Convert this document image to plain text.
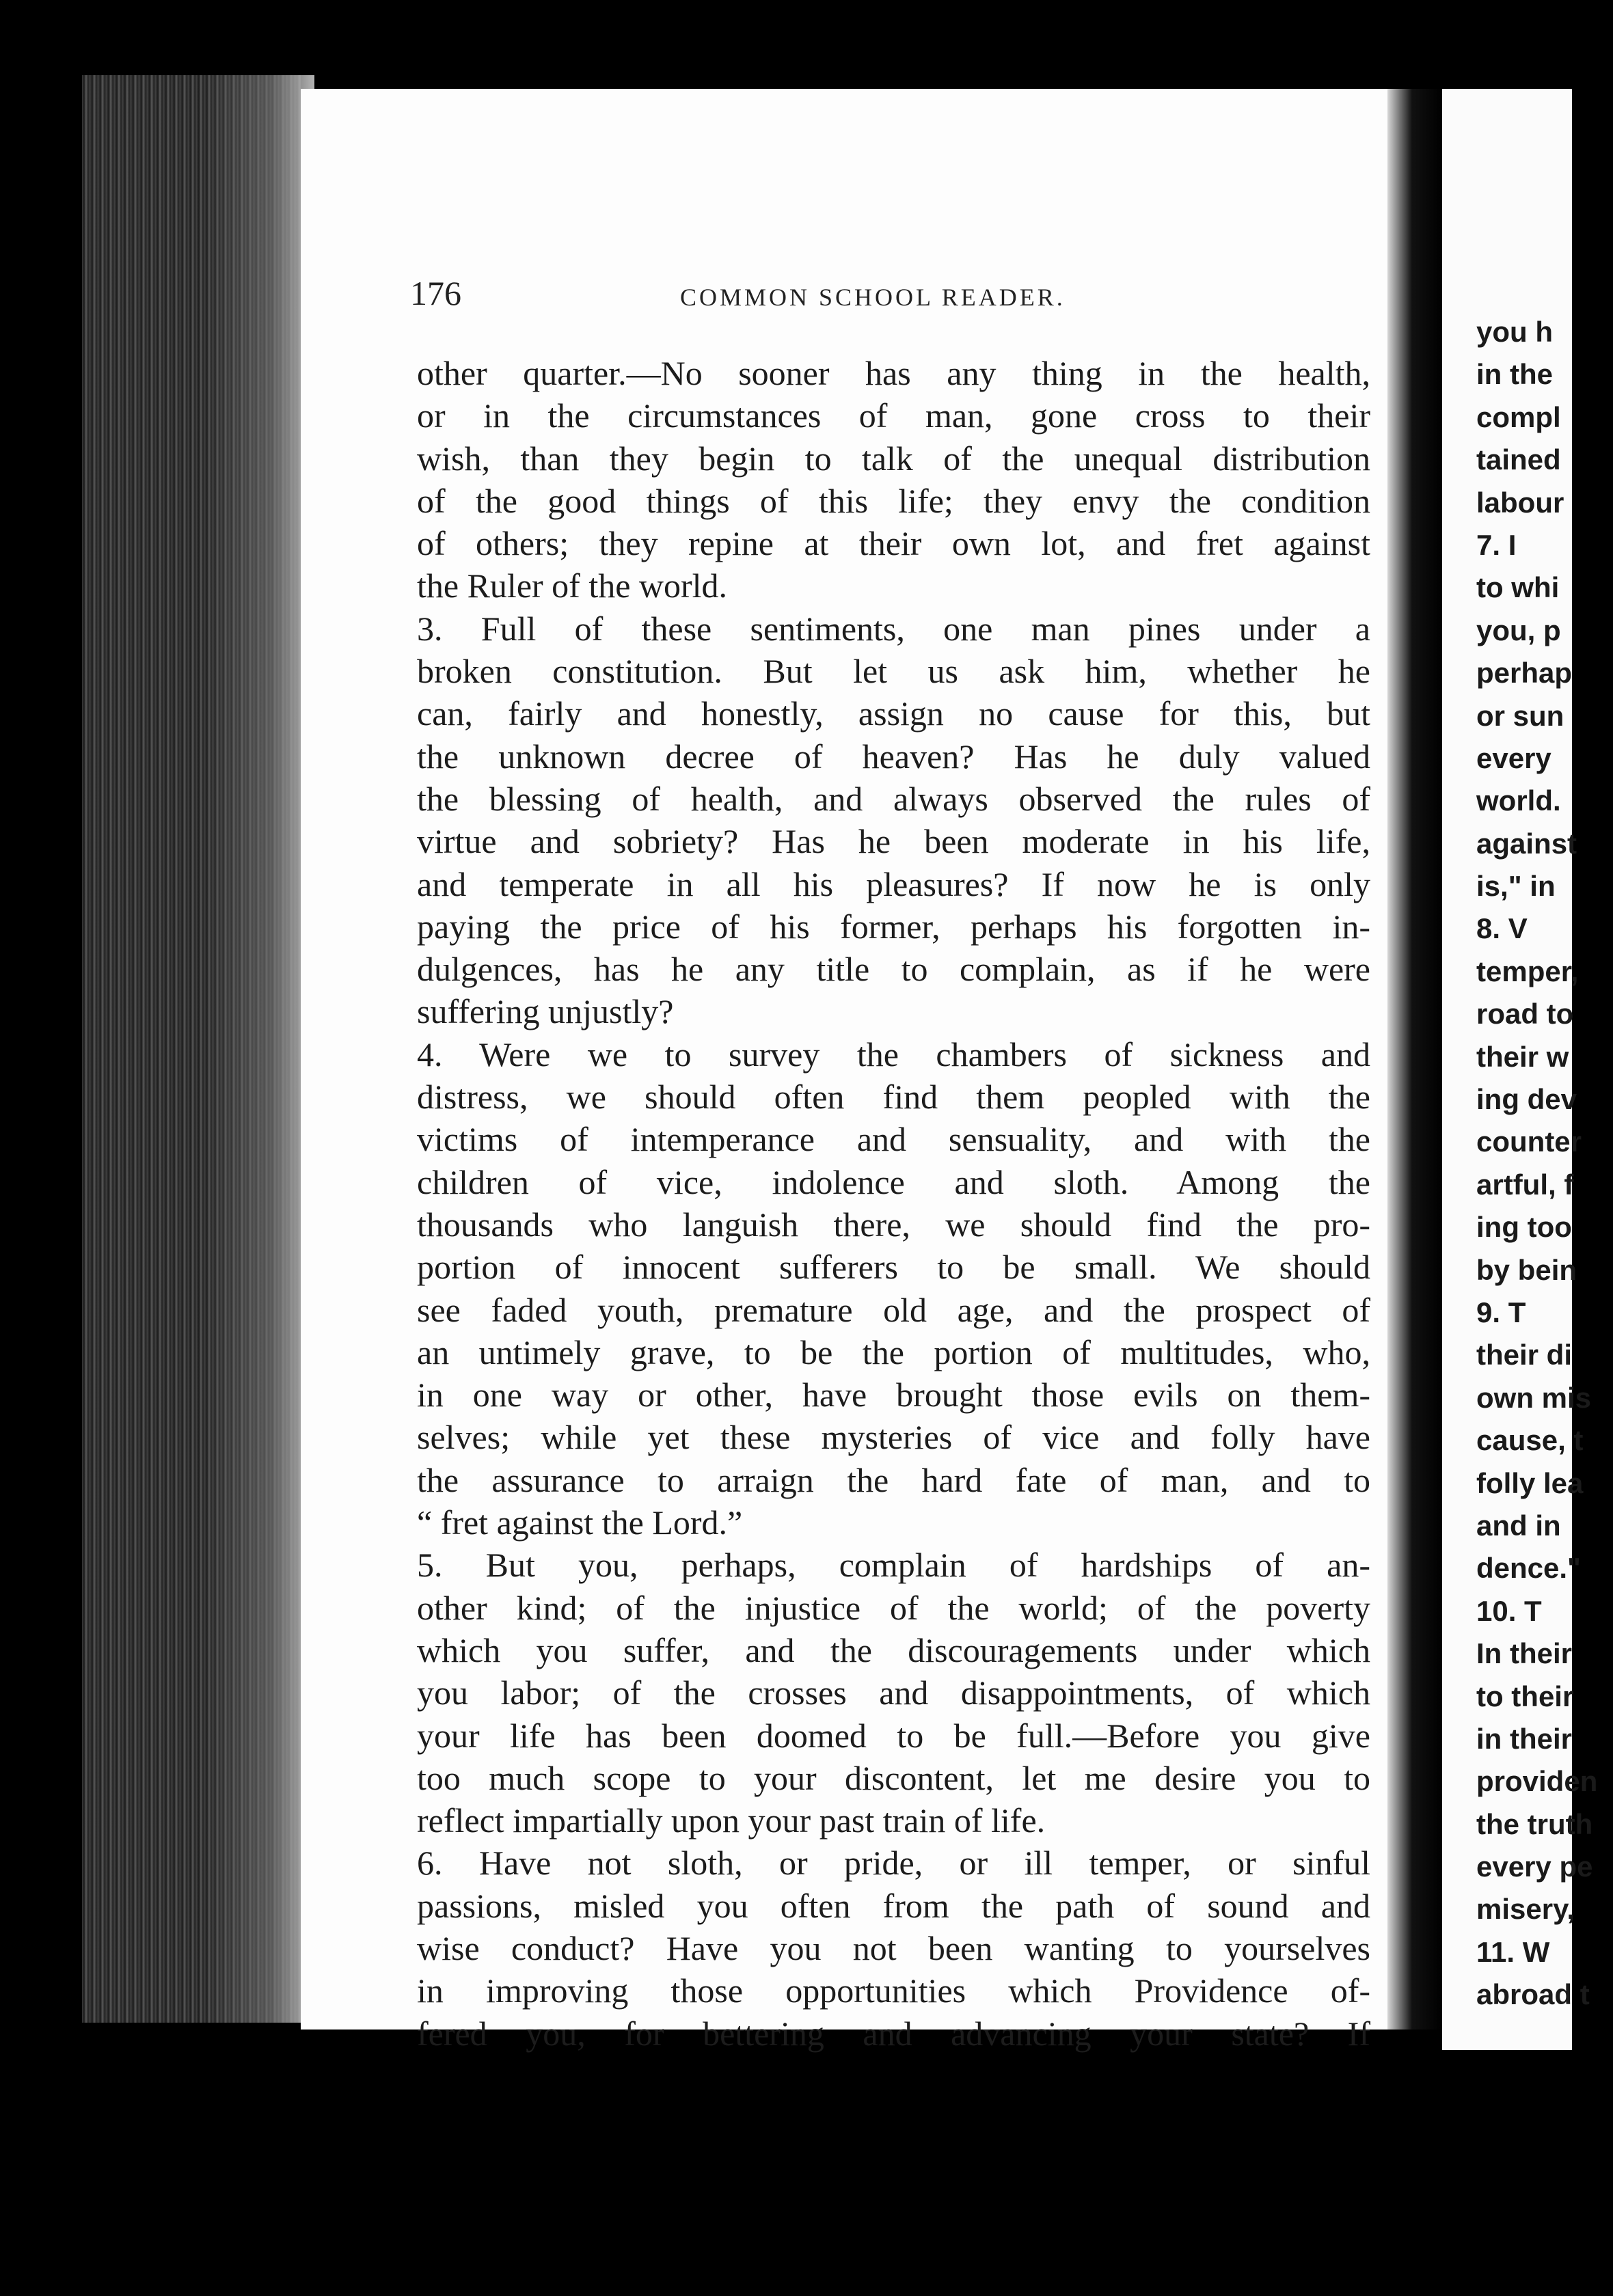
176	COMMON SCHOOL READER.
other quarter.—No sooner has any thing in the health,
or in the circumstances of man, gone cross to their
wish, than they begin to talk of the unequal distribution
of the good things of this life; they envy the condition
of others; they repine at their own lot, and fret against
the Ruler of the world.
3. Full of these sentiments, one man pines under a
broken constitution. But let us ask him, whether he
can, fairly and honestly, assign no cause for this, but
the unknown decree of heaven? Has he duly valued
the blessing of health, and always observed the rules of
virtue and sobriety? Has he been moderate in his life,
and temperate in all his pleasures? If now he is only
paying the price of his former, perhaps his forgotten in-
dulgences, has he any title to complain, as if he were
suffering unjustly?
4. Were we to survey the chambers of sickness and
distress, we should often find them peopled with the
victims of intemperance and sensuality, and with the
children of vice, indolence and sloth. Among the
thousands who languish there, we should find the pro-
portion of innocent sufferers to be small. We should
see faded youth, premature old age, and the prospect of
an untimely grave, to be the portion of multitudes, who,
in one way or other, have brought those evils on them-
selves; while yet these mysteries of vice and folly have
the assurance to arraign the hard fate of man, and to
“ fret against the Lord.”
5. But you, perhaps, complain of hardships of an-
other kind; of the injustice of the world; of the poverty
which you suffer, and the discouragements under which
you labor; of the crosses and disappointments, of which
your life has been doomed to be full.—Before you give
too much scope to your discontent, let me desire you to
reflect impartially upon your past train of life.
6. Have not sloth, or pride, or ill temper, or sinful
passions, misled you often from the path of sound and
wise conduct? Have you not been wanting to yourselves
in improving those opportunities which Providence of-
fered you, for bettering and advancing your state? If
you h
in the
compl
tained
labour
7. I
to whi
you, p
perhap
or sun
every
world.
against
is," in
8. V
temper,
road to
their w
ing dev
counter
artful, f
ing too
by bein
9. T
their di
own mis
cause, t
folly lea
and in
dence."
10. T
In their
to their
in their
providen
the truth
every pe
misery,
11. W
abroad t
